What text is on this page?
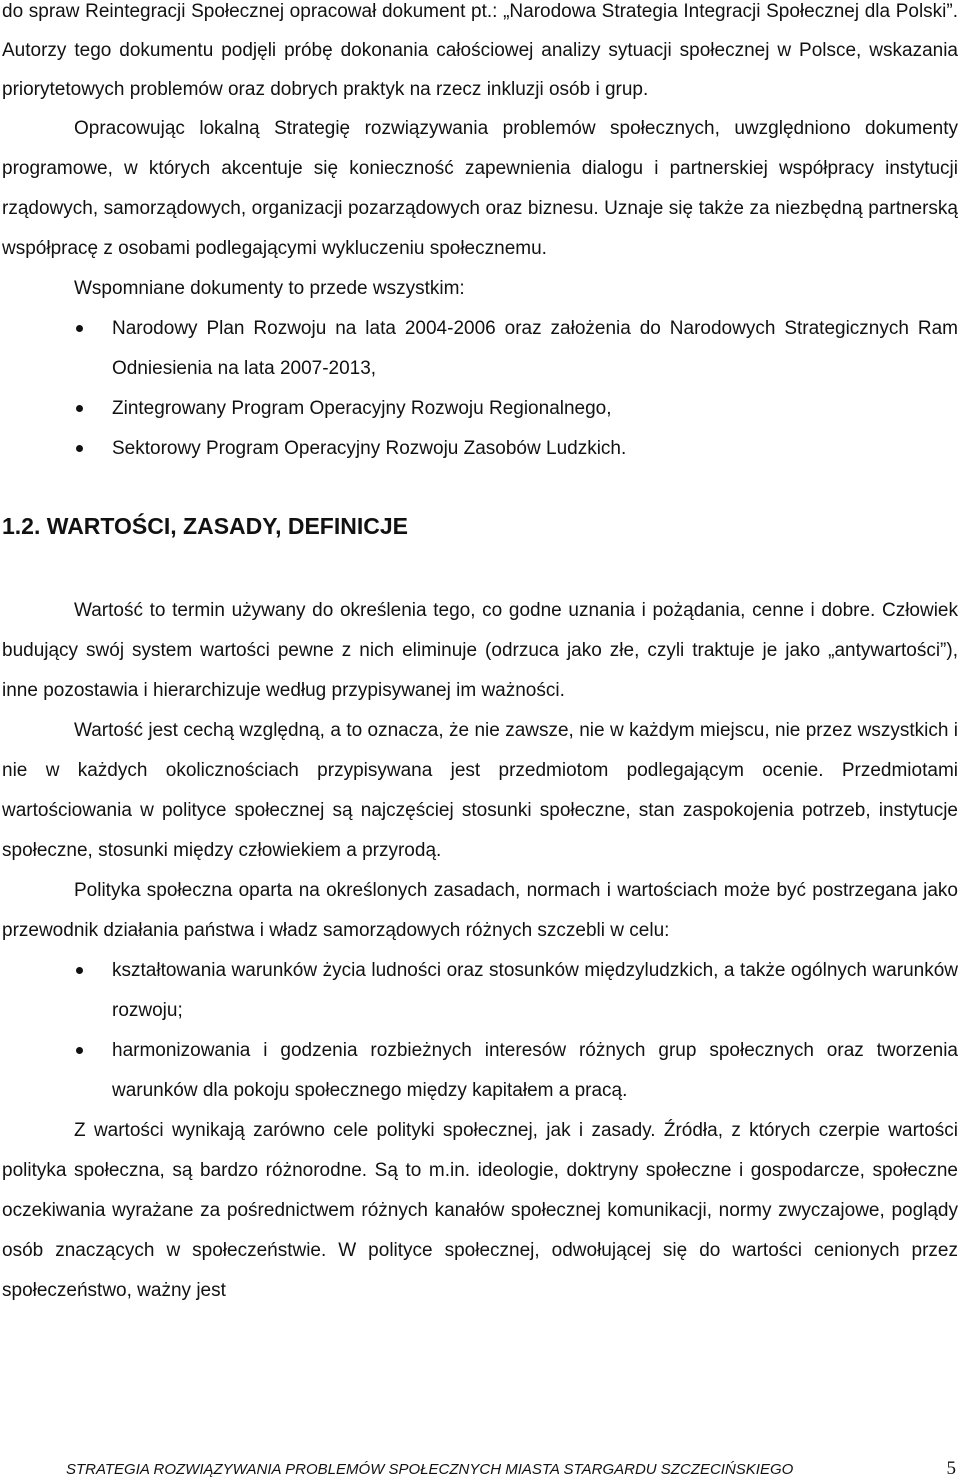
do spraw Reintegracji Społecznej opracował dokument pt.: „Narodowa Strategia Integracji Społecznej dla Polski”. Autorzy tego dokumentu podjęli próbę dokonania całościowej analizy sytuacji społecznej w Polsce, wskazania priorytetowych problemów oraz dobrych praktyk na rzecz inkluzji osób i grup.

Opracowując lokalną Strategię rozwiązywania problemów społecznych, uwzględniono dokumenty programowe, w których akcentuje się konieczność zapewnienia dialogu i partnerskiej współpracy instytucji rządowych, samorządowych, organizacji pozarządowych oraz biznesu. Uznaje się także za niezbędną partnerską współpracę z osobami podlegającymi wykluczeniu społecznemu.

Wspomniane dokumenty to przede wszystkim:

Narodowy Plan Rozwoju na lata 2004-2006 oraz założenia do Narodowych Strategicznych Ram Odniesienia na lata 2007-2013,
Zintegrowany Program Operacyjny Rozwoju Regionalnego,
Sektorowy Program Operacyjny Rozwoju Zasobów Ludzkich.
1.2. WARTOŚCI, ZASADY, DEFINICJE

Wartość to termin używany do określenia tego, co godne uznania i pożądania, cenne i dobre. Człowiek budujący swój system wartości pewne z nich eliminuje (odrzuca jako złe, czyli traktuje je jako „antywartości”), inne pozostawia i hierarchizuje według przypisywanej im ważności.

Wartość jest cechą względną, a to oznacza, że nie zawsze, nie w każdym miejscu, nie przez wszystkich i nie w każdych okolicznościach przypisywana jest przedmiotom podlegającym ocenie. Przedmiotami wartościowania w polityce społecznej są najczęściej stosunki społeczne, stan zaspokojenia potrzeb, instytucje społeczne, stosunki między człowiekiem a przyrodą.

Polityka społeczna oparta na określonych zasadach, normach i wartościach może być postrzegana jako przewodnik działania państwa i władz samorządowych różnych szczebli w celu:

kształtowania warunków życia ludności oraz stosunków międzyludzkich, a także ogólnych warunków rozwoju;
harmonizowania i godzenia rozbieżnych interesów różnych grup społecznych oraz tworzenia warunków dla pokoju społecznego między kapitałem a pracą.

Z wartości wynikają zarówno cele polityki społecznej, jak i zasady. Źródła, z których czerpie wartości polityka społeczna, są bardzo różnorodne. Są to m.in. ideologie, doktryny społeczne i gospodarcze, społeczne oczekiwania wyrażane za pośrednictwem różnych kanałów społecznej komunikacji, normy zwyczajowe, poglądy osób znaczących w społeczeństwie. W polityce społecznej, odwołującej się do wartości cenionych przez społeczeństwo, ważny jest

STRATEGIA ROZWIĄZYWANIA PROBLEMÓW SPOŁECZNYCH MIASTA STARGARDU SZCZECIŃSKIEGO	5
